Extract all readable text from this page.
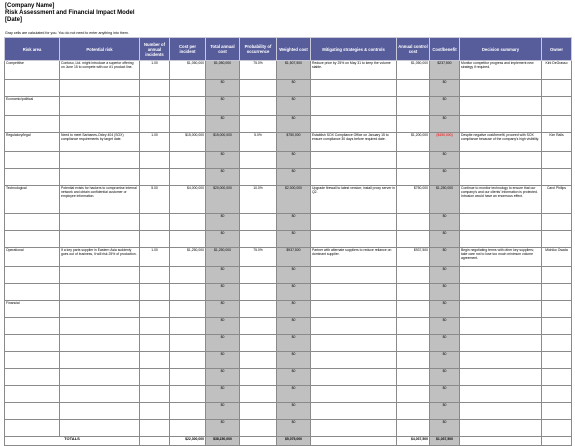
[Company Name]
Risk Assessment and Financial Impact Model
[Date]
Gray cells are calculated for you. You do not need to enter anything into them.
Risk area	Potential risk	Number of annual incidents	Cost per incident	Total annual cost	Probability of occurrence	Weighted cost	Mitigating strategies & controls	Annual control cost	Cost/benefit	Decision summary	Owner
Competitive	Contoso, Ltd. might introduce a superior offering on June 15 to compete with our #1 product line.	1.00	$1,050,000	$1,050,000	75.0%	$1,507,500	Reduce price by 25% on May 31 to keep the volume stable.	$1,050,000	$237,500	Monitor competitor progress and implement new strategy if required.	Kirk DeGrasso
				$0		$0			$0		
Economic/political				$0		$0			$0		
				$0		$0			$0		
Regulatory/legal	Need to meet Sarbanes-Oxley 404 (SOX) compliance requirements by target date.	1.00	$15,000,000	$15,000,000	5.0%	$750,000	Establish SOX Compliance Office on January 15 to ensure compliance 30 days before required date.	$1,200,000	($450,000)	Despite negative cost/benefit, proceed with SOX compliance because of the company's high visibility.	Kim Ralls
				$0		$0			$0		
				$0		$0			$0		
Technological	Potential exists for hackers to compromise internal network and obtain confidential customer or employee information.	5.00	$4,000,000	$20,000,000	10.0%	$2,000,000	Upgrade firewall to latest version; install proxy server in Q2.	$750,000	$1,250,000	Continue to monitor technology to ensure that our company's and our clients' information is protected. Intrusion would have an enormous effect.	Carol Philips
				$0		$0			$0		
				$0		$0			$0		
Operational	If a key parts supplier in Eastern Asia suddenly goes out of business, it will risk 25% of production.	1.00	$1,250,000	$1,250,000	75.0%	$937,500	Partner with alternate suppliers to reduce reliance on dominant supplier.	$937,500	$0	Begin negotiating terms with other key suppliers; take care not to lose too much minimum volume agreement.	Michiko Osada
				$0		$0			$0		
				$0		$0			$0		
Financial				$0		$0			$0		
				$0		$0			$0		
				$0		$0			$0		
				$0		$0			$0		
				$0		$0			$0		
				$0		$0			$0		
				$0		$0			$0		
				$0		$0			$0		
TOTALS			$22,300,000	$38,150,000		$5,075,000		$4,037,500	$1,037,500		
